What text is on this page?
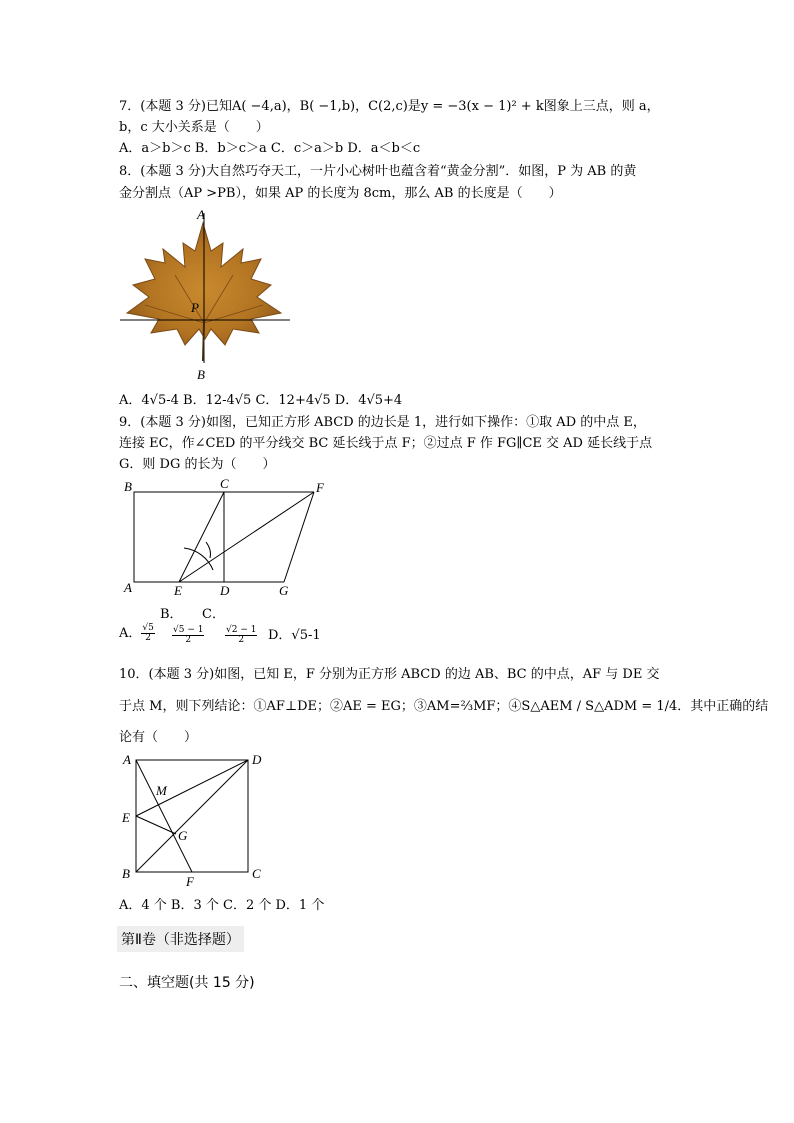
7．(本题 3 分)已知A( −4,a)，B( −1,b)，C(2,c)是y = −3(x − 1)² + k图象上三点，则 a，
b，c 大小关系是（　　）
A．a＞b＞c B．b＞c＞a C．c＞a＞b D．a＜b＜c
8．(本题 3 分)大自然巧夺天工，一片小心树叶也蕴含着“黄金分割”．如图，P 为 AB 的黄
金分割点（AP >PB），如果 AP 的长度为 8cm，那么 AB 的长度是（　　）
A
P
B
A．4√5-4 B．12-4√5 C．12+4√5 D．4√5+4
9．(本题 3 分)如图，已知正方形 ABCD 的边长是 1，进行如下操作：①取 AD 的中点 E，
连接 EC，作∠CED 的平分线交 BC 延长线于点 F；②过点 F 作 FG∥CE 交 AD 延长线于点
G．则 DG 的长为（　　）
B	C	F
A	E	D	G
B．　　C．
A． $\frac{√5}{2} \frac{√5 - 1}{2} \frac{√2 - 1}{2}$ D．√5-1
10．(本题 3 分)如图，已知 E，F 分别为正方形 ABCD 的边 AB、BC 的中点，AF 与 DE 交
于点 M，则下列结论：①AF⊥DE；②AE = EG；③AM=⅔MF；④S△AEM / S△ADM = 1/4．其中正确的结
论有（　　）
A	D
M
E
G
B
F
C
A．4 个 B．3 个 C．2 个 D．1 个
第Ⅱ卷（非选择题）
二、填空题(共 15 分)
